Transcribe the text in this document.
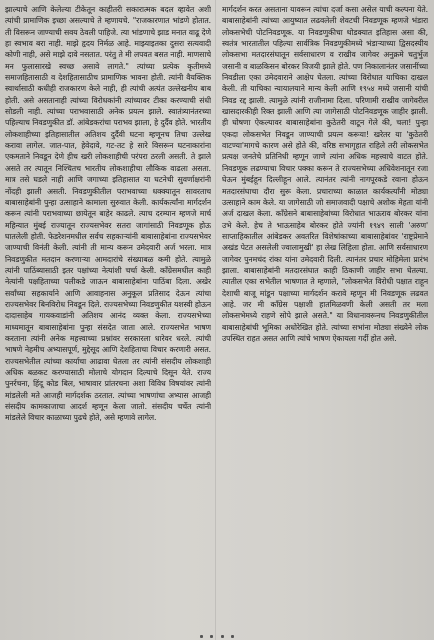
झाल्याचे आणि केलेल्या टीकेतून काहीतरी सकारात्मक बदल व्हावेत अशी त्यांची प्रामाणिक इच्छा असल्याचे ते म्हणायचे. "राजकारणात भांडणे होतात. ती विसरून जाण्याची सवय ठेवली पाहिजे. त्या भांडणाचे झाड मनात वाढू देणे हा स्वभाव बरा नाही. माझे हृदय निर्मळ आहे. माझ्याइतका दुसरा सत्यवादी कोणी नाही, असे माझे दावे नसतात. परंतु ते मी लपवत बसत नाही. माणसाचे मन फुलासारखे स्वच्छ असावे लागते." त्यांच्या प्रत्येक कृतीमध्ये समाजहितासाठी व देशहितासाठीच प्रामाणिक भावना होती. त्यांनी वैयक्तिक स्वार्थासाठी कधीही राजकारण केले नाही, ही त्यांची अत्यंत उल्लेखनीय बाब होती. असे असतानाही त्यांच्या विरोधकांनी त्यांच्यावर टीका करण्याची संधी सोडली नाही. त्यांच्या पराभवासाठी अनेक प्रयत्न झाले. स्वातंत्र्यानंतरच्या पहिल्याच निवडणुकीत डॉ. आंबेडकरांचा पराभव झाला, हे दुर्दैव होते. भारतीय लोकशाहीच्या इतिहासातील अतिशय दुर्दैवी घटना म्हणूनच तिचा उल्लेख करावा लागेल. जात-पात, हेवेदावे, गट-तट हे सारे विसरून घटनाकारांना एकमताने निवडून देणे हीच खरी लोकशाहीची परंपरा ठरली असती. ते झाले असते तर त्यातून निश्चितच भारतीय लोकशाहीचा लौकिक वाढला असता. मात्र तसे घडले नाही आणि जगाच्या इतिहासात या घटनेची सुवर्णाक्षरांनी नोंदही झाली असती. निवडणुकीतील पराभवाच्या धक्क्यातून सावरताच बाबासाहेबांनी पुन्हा उत्साहाने कामाला सुरुवात केली. कार्यकर्त्यांना मार्गदर्शन करून त्यांनी पराभवाच्या छायेतून बाहेर काढले. त्याच दरम्यान म्हणजे मार्च महिन्यात मुंबई राज्यातून राज्यसभेवर सतरा जागांसाठी निवडणूक होऊ घातलेली होती. फेडरेशनमधील सर्वच सहकाऱ्यांनी बाबासाहेबांना राज्यसभेवर जाण्याची विनंती केली. त्यांनी ती मान्य करून उमेदवारी अर्ज भरला. मात्र निवडणुकीत मतदान करणाऱ्या आमदारांचे संख्याबळ कमी होते. त्यामुळे त्यांनी पाठिंब्यासाठी इतर पक्षांच्या नेत्यांशी चर्चा केली. काँग्रेसमधील काही नेत्यांनी पक्षहिताच्या पलीकडे जाऊन बाबासाहेबांना पाठिंबा दिला. अखेर सर्वांच्या सहकार्याने आणि आवाहनास अनुकूल प्रतिसाद देऊन त्यांचा राज्यसभेवर बिनविरोध निवडून दिले. राज्यसभेच्या निवडणुकीत यशस्वी होऊन दादासाहेब गायकवाडांनी अतिशय आनंद व्यक्त केला. राज्यसभेच्या माध्यमातून बाबासाहेबांना पुन्हा संसदेत जाता आले. राज्यसभेत भाषण करताना त्यांनी अनेक महत्त्वाच्या प्रश्नांवर सरकारला धारेवर धरले. त्यांची भाषणे नेहमीच अभ्यासपूर्ण, मुद्देसूद आणि देशहिताचा विचार करणारी असत. राज्यसभेतील त्यांच्या कार्याचा आढावा घेतला तर त्यांनी संसदीय लोकशाही अधिक बळकट करण्यासाठी मोलाचे योगदान दिल्याचे दिसून येते. राज्य पुनर्रचना, हिंदू कोड बिल, भाषावार प्रांतरचना अशा विविध विषयांवर त्यांनी मांडलेली मते आजही मार्गदर्शक ठरतात. त्यांच्या भाषणांचा अभ्यास आजही संसदीय कामकाजाचा आदर्श म्हणून केला जातो. संसदीय चर्चेत त्यांनी मांडलेले विचार काळाच्या पुढचे होते, असे म्हणावे लागेल.

मार्गदर्शन करत असताना यावरून त्यांचा दर्जा कसा असेल याची कल्पना येते. बाबासाहेबांनी त्यांच्या आयुष्यात लढवलेली शेवटची निवडणूक म्हणजे भंडारा लोकसभेची पोटनिवडणूक. या निवडणुकीचा थोडक्यात इतिहास असा की, स्वतंत्र भारतातील पहिल्या सार्वत्रिक निवडणुकीमध्ये भंडाऱ्याच्या द्विसदस्यीय लोकसभा मतदारसंघातून सर्वसाधारण व राखीव जागेवर अनुक्रमे चतुर्भुज जसानी व बाळकिसन बोरकर विजयी झाले होते. पण निकालानंतर जसानींच्या निवडीला एका उमेदवाराने आक्षेप घेतला. त्यांच्या विरोधात याचिका दाखल केली. ती याचिका न्यायालयाने मान्य केली आणि १९५४ मध्ये जसानी यांची निवड रद्द झाली. त्यामुळे त्यांनी राजीनामा दिला. परिणामी राखीव जागेवरील खासदारकीही रिक्त झाली आणि त्या जागेसाठी पोटनिवडणूक जाहीर झाली. ही घोषणा ऐकल्यावर बाबासाहेबांना कुठेतरी वाटून गेले की, चला! पुन्हा एकदा लोकसभेत निवडून जाण्याची प्रयत्न करूया! खरेतर या 'कुठेतरी वाटण्या'मागचे कारण असे होते की, वरिष्ठ सभागृहात राहिले तरी लोकसभेत प्रत्यक्ष जनतेचे प्रतिनिधी म्हणून जाणे त्यांना अधिक महत्त्वाचे वाटत होते. निवडणूक लढण्याचा विचार पक्का करून ते राज्यसभेच्या अधिवेशनातून रजा घेऊन मुंबईहून दिल्लीहून आले. त्यानंतर त्यांनी नागपूरकडे रवाना होऊन मतदारसंघाचा दौरा सुरू केला. प्रचाराच्या काळात कार्यकर्त्यांनी मोठ्या उत्साहाने काम केले. या जागेसाठी जो समाजवादी पक्षाचे अशोक मेहता यांनी अर्ज दाखल केला. काँग्रेसने बाबासाहेबांच्या विरोधात भाऊराव बोरकर यांना उभे केले. हेच ते भाऊसाहेब बोरकर होते ज्यांनी १९४९ साली 'अरुण' साप्ताहिकातील आंबेडकर अवतरित विशेषांकाच्या बाबासाहेबांवर 'राष्ट्रप्रेमाने अखंड पेटत असलेली ज्वालामुखी' हा लेख लिहिला होता. आणि सर्वसाधारण जागेवर पुनमचंद रांका यांना उमेदवारी दिली. त्यानंतर प्रचार मोहिमेला प्रारंभ झाला. बाबासाहेबांनी मतदारसंघात काही ठिकाणी जाहीर सभा घेतल्या. त्यातील एका सभेतील भाषणात ते म्हणाले, "लोकसभेत विरोधी पक्षात राहून देशाची बाजू मांडून पक्षाच्या मार्गदर्शन करावे म्हणून मी निवडणूक लढवत आहे. जर मी काँग्रेस पक्षाशी हातमिळवणी केली असती तर मला लोकसभेमध्ये राहणे सोपे झाले असते." या विधानावरूनच निवडणुकीतील बाबासाहेबांची भूमिका अधोरेखित होते. त्यांच्या सभांना मोठ्या संख्येने लोक उपस्थित राहत असत आणि त्यांचे भाषण ऐकायला गर्दी होत असे.
